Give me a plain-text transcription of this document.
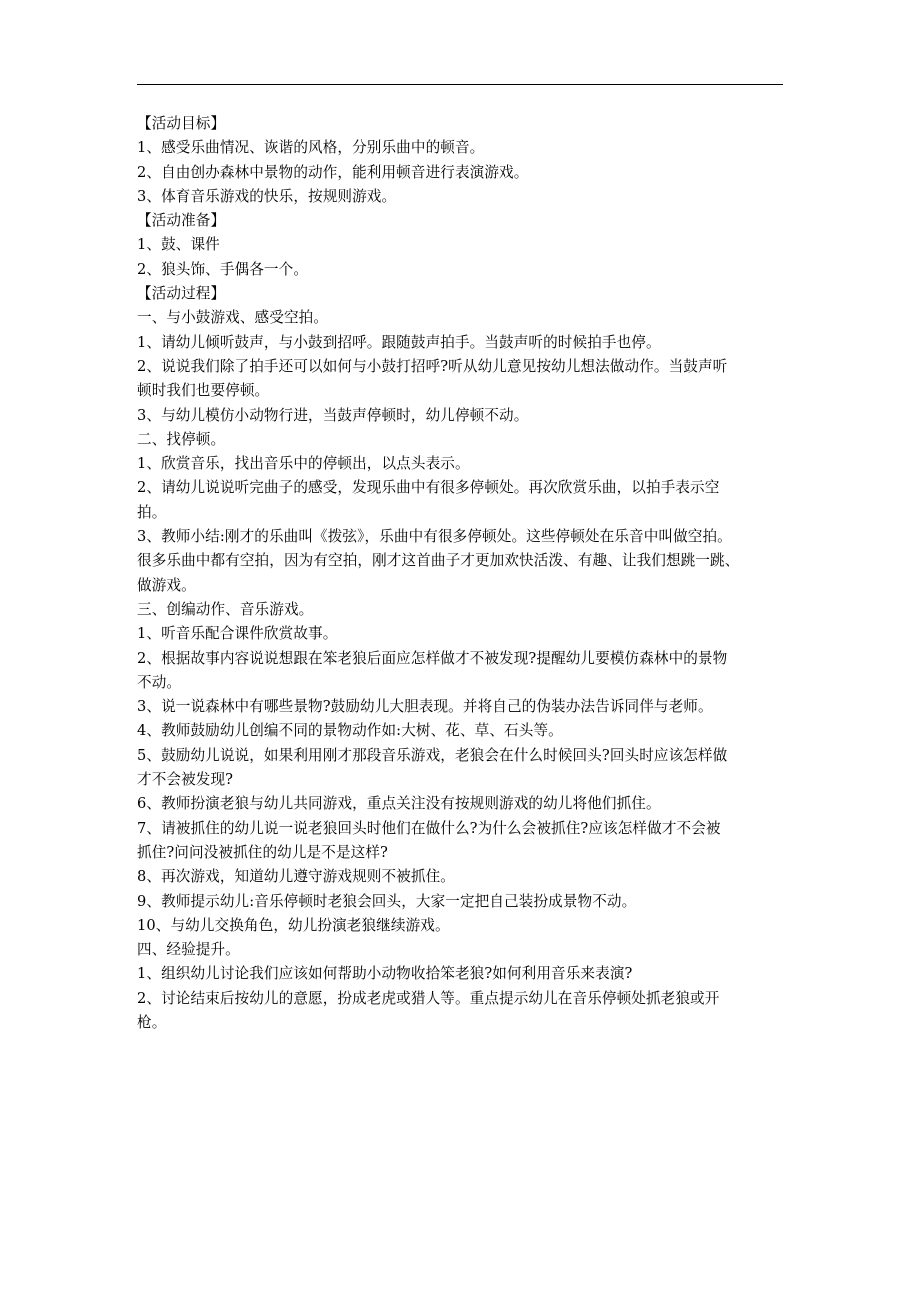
【活动目标】
1、感受乐曲情况、诙谐的风格，分别乐曲中的顿音。
2、自由创办森林中景物的动作，能利用顿音进行表演游戏。
3、体育音乐游戏的快乐，按规则游戏。
【活动准备】
1、鼓、课件
2、狼头饰、手偶各一个。
【活动过程】
一、与小鼓游戏、感受空拍。
1、请幼儿倾听鼓声，与小鼓到招呼。跟随鼓声拍手。当鼓声听的时候拍手也停。
2、说说我们除了拍手还可以如何与小鼓打招呼?听从幼儿意见按幼儿想法做动作。当鼓声听
顿时我们也要停顿。
3、与幼儿模仿小动物行进，当鼓声停顿时，幼儿停顿不动。
二、找停顿。
1、欣赏音乐，找出音乐中的停顿出，以点头表示。
2、请幼儿说说听完曲子的感受，发现乐曲中有很多停顿处。再次欣赏乐曲，以拍手表示空
拍。
3、教师小结:刚才的乐曲叫《拨弦》，乐曲中有很多停顿处。这些停顿处在乐音中叫做空拍。
很多乐曲中都有空拍，因为有空拍，刚才这首曲子才更加欢快活泼、有趣、让我们想跳一跳、
做游戏。
三、创编动作、音乐游戏。
1、听音乐配合课件欣赏故事。
2、根据故事内容说说想跟在笨老狼后面应怎样做才不被发现?提醒幼儿要模仿森林中的景物
不动。
3、说一说森林中有哪些景物?鼓励幼儿大胆表现。并将自己的伪装办法告诉同伴与老师。
4、教师鼓励幼儿创编不同的景物动作如:大树、花、草、石头等。
5、鼓励幼儿说说，如果利用刚才那段音乐游戏，老狼会在什么时候回头?回头时应该怎样做
才不会被发现?
6、教师扮演老狼与幼儿共同游戏，重点关注没有按规则游戏的幼儿将他们抓住。
7、请被抓住的幼儿说一说老狼回头时他们在做什么?为什么会被抓住?应该怎样做才不会被
抓住?问问没被抓住的幼儿是不是这样?
8、再次游戏，知道幼儿遵守游戏规则不被抓住。
9、教师提示幼儿:音乐停顿时老狼会回头，大家一定把自己装扮成景物不动。
10、与幼儿交换角色，幼儿扮演老狼继续游戏。
四、经验提升。
1、组织幼儿讨论我们应该如何帮助小动物收拾笨老狼?如何利用音乐来表演?
2、讨论结束后按幼儿的意愿，扮成老虎或猎人等。重点提示幼儿在音乐停顿处抓老狼或开
枪。
